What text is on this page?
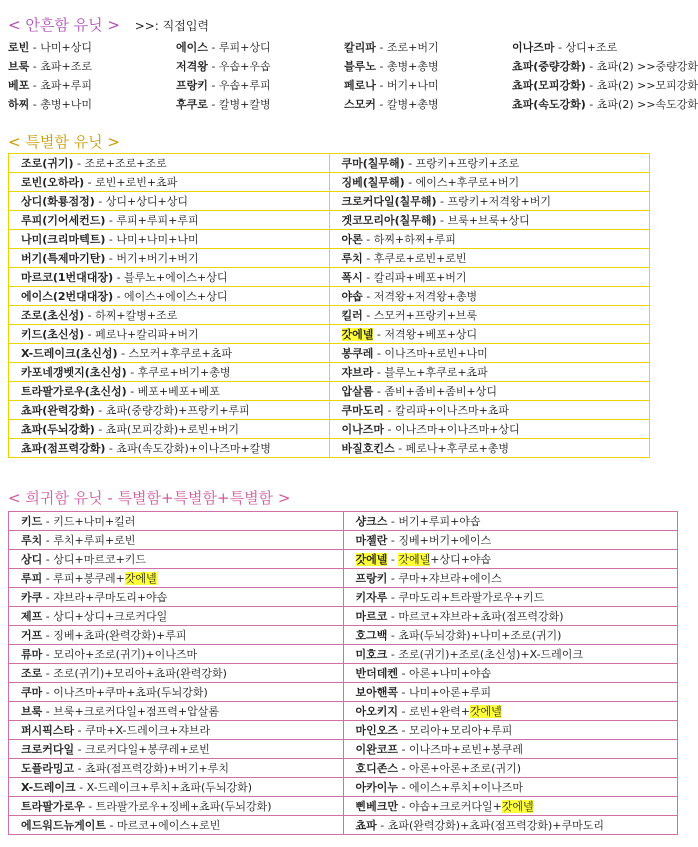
< 안흔함 유닛 > >>: 직접입력
로빈 - 나미+상디	에이스 - 루피+상디	칼리파 - 조로+버기	이나즈마 - 상디+조로
브룩 - 쵸파+조로	저격왕 - 우솝+우솝	블루노 - 총병+총병	쵸파(중량강화) - 쵸파(2) >>중량강화
베포 - 쵸파+루피	프랑키 - 우솝+루피	페로나 - 버기+나미	쵸파(모피강화) - 쵸파(2) >>모피강화
하찌 - 총병+나미	후쿠로 - 칼병+칼병	스모커 - 칼병+총병	쵸파(속도강화) - 쵸파(2) >>속도강화
< 특별함 유닛 >
조로(귀기) - 조로+조로+조로	쿠마(칠무해) - 프랑키+프랑키+조로
로빈(오하라) - 로빈+로빈+쵸파	징베(칠무해) - 에이스+후쿠로+버기
상디(화룡점정) - 상디+상디+상디	크로커다일(칠무해) - 프랑키+저격왕+버기
루피(기어세컨드) - 루피+루피+루피	겟코모리아(칠무해) - 브룩+브룩+상디
나미(크리마텍트) - 나미+나미+나미	아론 - 하찌+하찌+루피
버기(특제마기탄) - 버기+버기+버기	루치 - 후쿠로+로빈+로빈
마르코(1번대대장) - 블루노+에이스+상디	폭시 - 칼리파+베포+버기
에이스(2번대대장) - 에이스+에이스+상디	야솝 - 저격왕+저격왕+총병
조로(초신성) - 하찌+칼병+조로	킬러 - 스모커+프랑키+브룩
키드(초신성) - 페로나+칼리파+버기	갓에넬 - 저격왕+베포+상디
X-드레이크(초신성) - 스모커+후쿠로+쵸파	봉쿠레 - 이나즈마+로빈+나미
카포네갱벳지(초신성) - 후쿠로+버기+총병	쟈브라 - 블루노+후쿠로+쵸파
트라팔가로우(초신성) - 베포+베포+베포	압살롬 - 좀비+좀비+좀비+상디
쵸파(완력강화) - 쵸파(중량강화)+프랑키+루피	쿠마도리 - 칼리파+이나즈마+쵸파
쵸파(두뇌강화) - 쵸파(모피강화)+로빈+버기	이나즈마 - 이나즈마+이나즈마+상디
쵸파(점프력강화) - 쵸파(속도강화)+이나즈마+칼병	바질호킨스 - 페로나+후쿠로+총병
< 희귀함 유닛 - 특별함+특별함+특별함 >
키드 - 키드+나미+킬러	샹크스 - 버기+루피+야솝
루치 - 루치+루피+로빈	마젤란 - 징베+버기+에이스
상디 - 상디+마르코+키드	갓에넬 - 갓에넬+상디+야솝
루피 - 루피+봉쿠레+갓에넬	프랑키 - 쿠마+쟈브라+에이스
카쿠 - 쟈브라+쿠마도리+야솝	키자루 - 쿠마도리+트라팔가로우+키드
제프 - 상디+상디+크로커다일	마르코 - 마르코+쟈브라+쵸파(점프력강화)
거프 - 징베+쵸파(완력강화)+루피	호그백 - 쵸파(두뇌강화)+나미+조로(귀기)
류마 - 모리아+조로(귀기)+이나즈마	미호크 - 조로(귀기)+조로(초신성)+X-드레이크
조로 - 조로(귀기)+모리아+쵸파(완력강화)	반더데켄 - 아론+나미+야솝
쿠마 - 이나즈마+쿠마+쵸파(두뇌강화)	보아핸콕 - 나미+아론+루피
브룩 - 브룩+크로커다일+점프력+압살롬	아오키지 - 로빈+완력+갓에넬
퍼시픽스타 - 쿠마+X-드레이크+쟈브라	마인오즈 - 모리아+모리아+루피
크로커다일 - 크로커다일+봉쿠레+로빈	이완코프 - 이나즈마+로빈+봉쿠레
도플라밍고 - 쵸파(점프력강화)+버기+루치	호디존스 - 아론+아론+조로(귀기)
X-드레이크 - X-드레이크+루치+쵸파(두뇌강화)	아카이누 - 에이스+루치+이나즈마
트라팔가로우 - 트라팔가로우+징베+쵸파(두뇌강화)	삔베크만 - 야솝+크로커다일+갓에넬
에드워드뉴게이트 - 마르코+에이스+로빈	쵸파 - 쵸파(완력강화)+쵸파(점프력강화)+쿠마도리
